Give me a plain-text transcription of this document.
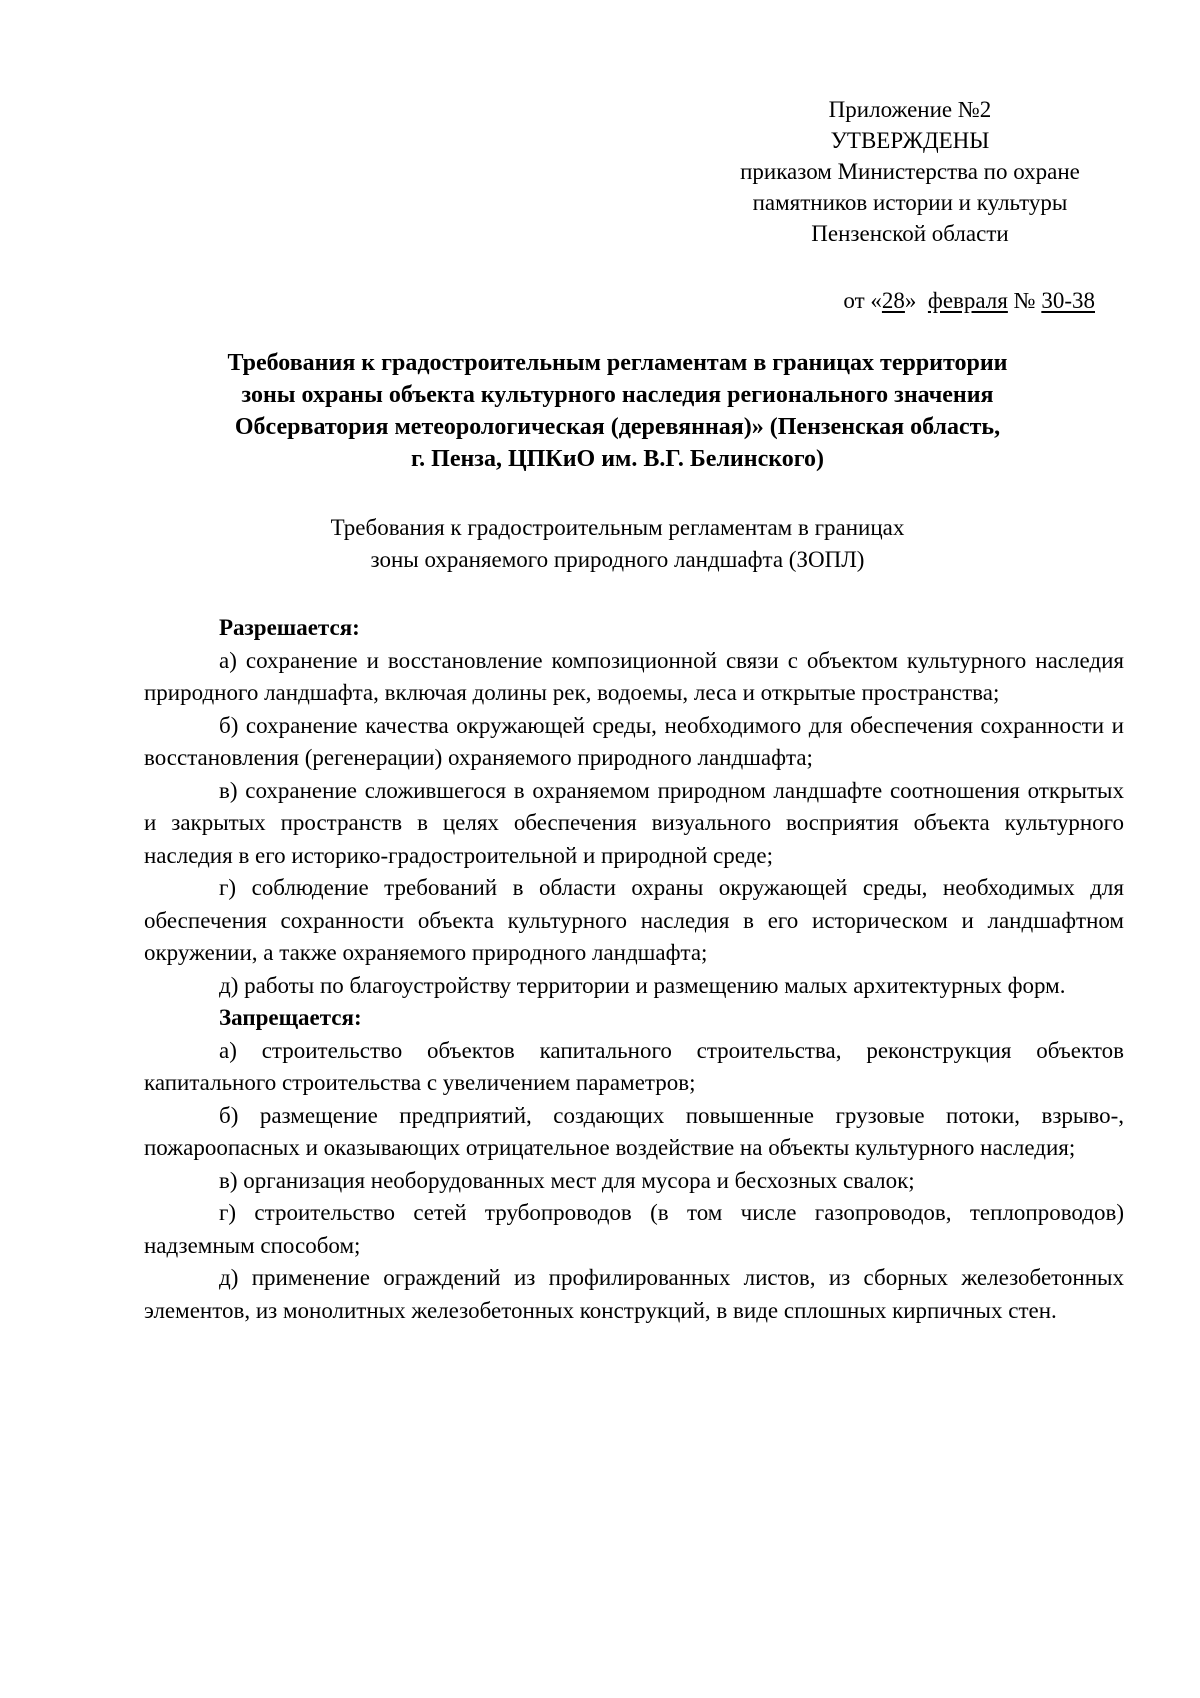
Приложение №2
УТВЕРЖДЕНЫ
приказом Министерства по охране
памятников истории и культуры
Пензенской области
от «28»  февраля № 30-38
Требования к градостроительным регламентам в границах территории
зоны охраны объекта культурного наследия регионального значения
Обсерватория метеорологическая (деревянная)» (Пензенская область,
г. Пенза, ЦПКиО им. В.Г. Белинского)
Требования к градостроительным регламентам в границах
зоны охраняемого природного ландшафта (ЗОПЛ)
Разрешается:

а) сохранение и восстановление композиционной связи с объектом культурного наследия природного ландшафта, включая долины рек, водоемы, леса и открытые пространства;

б) сохранение качества окружающей среды, необходимого для обеспечения сохранности и восстановления (регенерации) охраняемого природного ландшафта;

в) сохранение сложившегося в охраняемом природном ландшафте соотношения открытых и закрытых пространств в целях обеспечения визуального восприятия объекта культурного наследия в его историко-градостроительной и природной среде;

г) соблюдение требований в области охраны окружающей среды, необходимых для обеспечения сохранности объекта культурного наследия в его историческом и ландшафтном окружении, а также охраняемого природного ландшафта;

д) работы по благоустройству территории и размещению малых архитектурных форм.

Запрещается:

а) строительство объектов капитального строительства, реконструкция объектов капитального строительства с увеличением параметров;

б) размещение предприятий, создающих повышенные грузовые потоки, взрыво-, пожароопасных и оказывающих отрицательное воздействие на объекты культурного наследия;

в) организация необорудованных мест для мусора и бесхозных свалок;

г) строительство сетей трубопроводов (в том числе газопроводов, теплопроводов) надземным способом;

д) применение ограждений из профилированных листов, из сборных железобетонных элементов, из монолитных железобетонных конструкций, в виде сплошных кирпичных стен.
